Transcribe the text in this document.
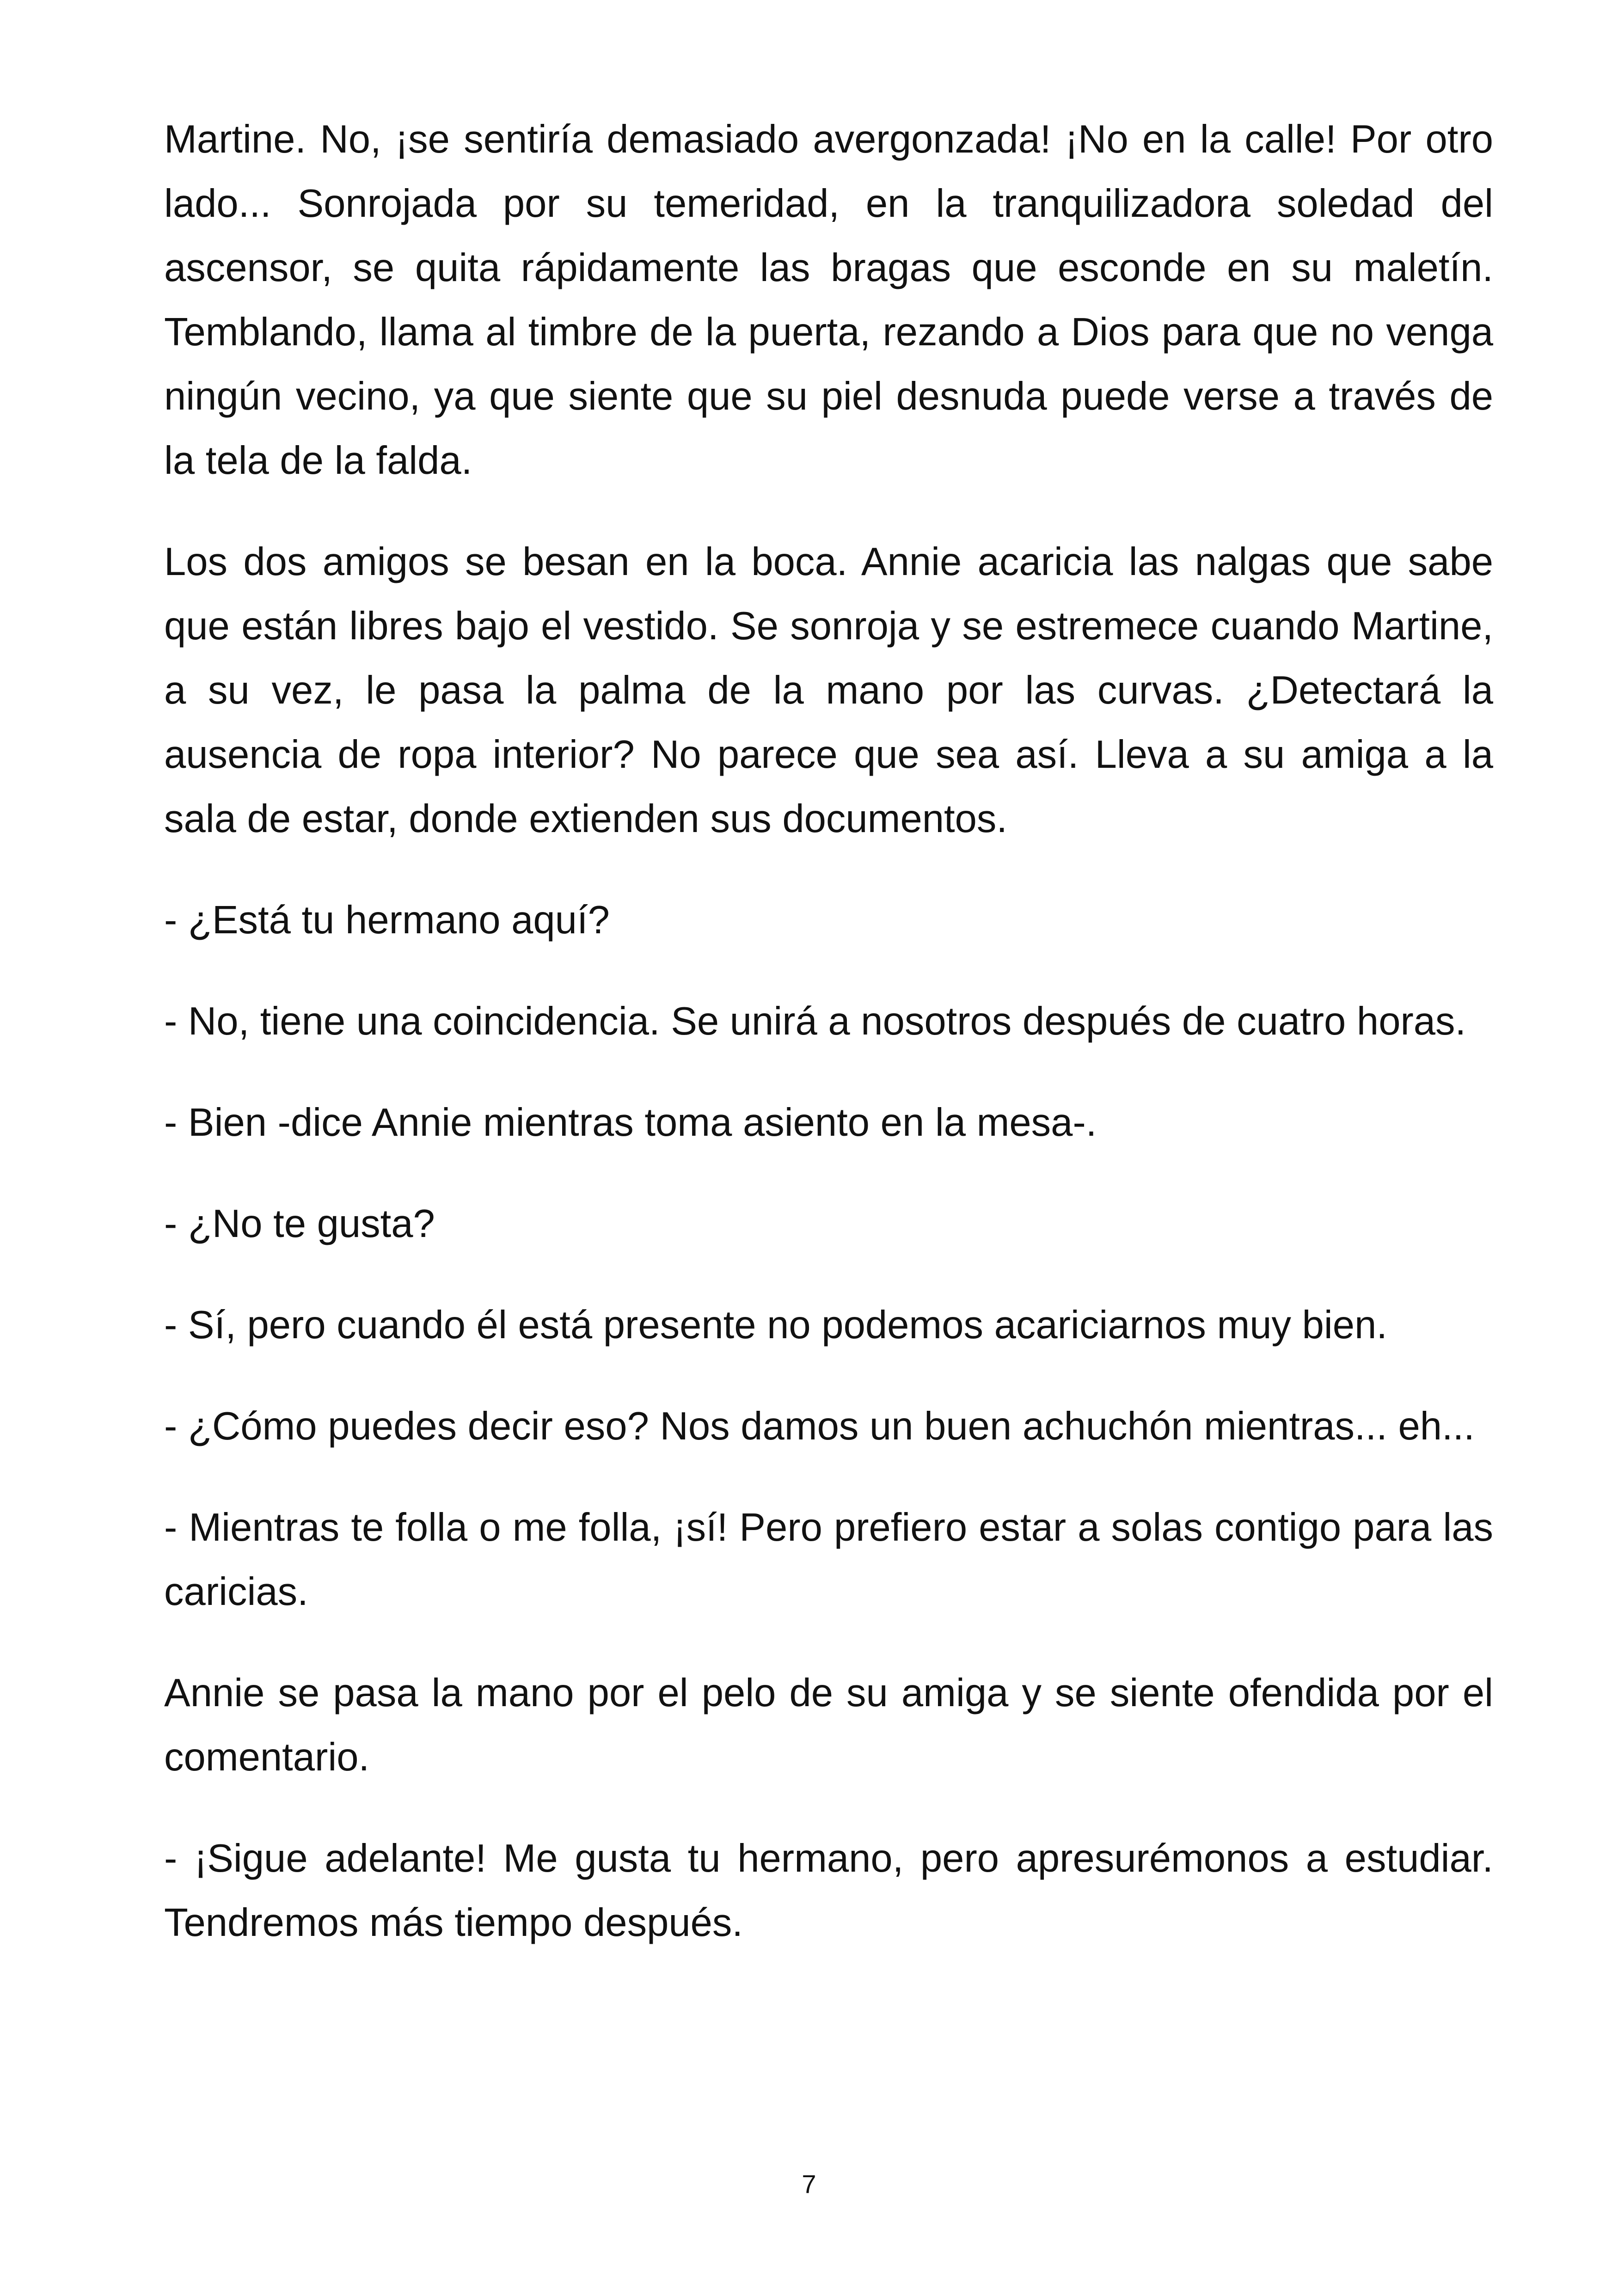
Martine. No, ¡se sentiría demasiado avergonzada! ¡No en la calle! Por otro lado... Sonrojada por su temeridad, en la tranquilizadora soledad del ascensor, se quita rápidamente las bragas que esconde en su maletín. Temblando, llama al timbre de la puerta, rezando a Dios para que no venga ningún vecino, ya que siente que su piel desnuda puede verse a través de la tela de la falda.

Los dos amigos se besan en la boca. Annie acaricia las nalgas que sabe que están libres bajo el vestido. Se sonroja y se estremece cuando Martine, a su vez, le pasa la palma de la mano por las curvas. ¿Detectará la ausencia de ropa interior? No parece que sea así. Lleva a su amiga a la sala de estar, donde extienden sus documentos.

- ¿Está tu hermano aquí?

- No, tiene una coincidencia. Se unirá a nosotros después de cuatro horas.

- Bien -dice Annie mientras toma asiento en la mesa-.

- ¿No te gusta?

- Sí, pero cuando él está presente no podemos acariciarnos muy bien.

- ¿Cómo puedes decir eso? Nos damos un buen achuchón mientras... eh...

- Mientras te folla o me folla, ¡sí! Pero prefiero estar a solas contigo para las caricias.

Annie se pasa la mano por el pelo de su amiga y se siente ofendida por el comentario.

- ¡Sigue adelante! Me gusta tu hermano, pero apresurémonos a estudiar. Tendremos más tiempo después.

7
